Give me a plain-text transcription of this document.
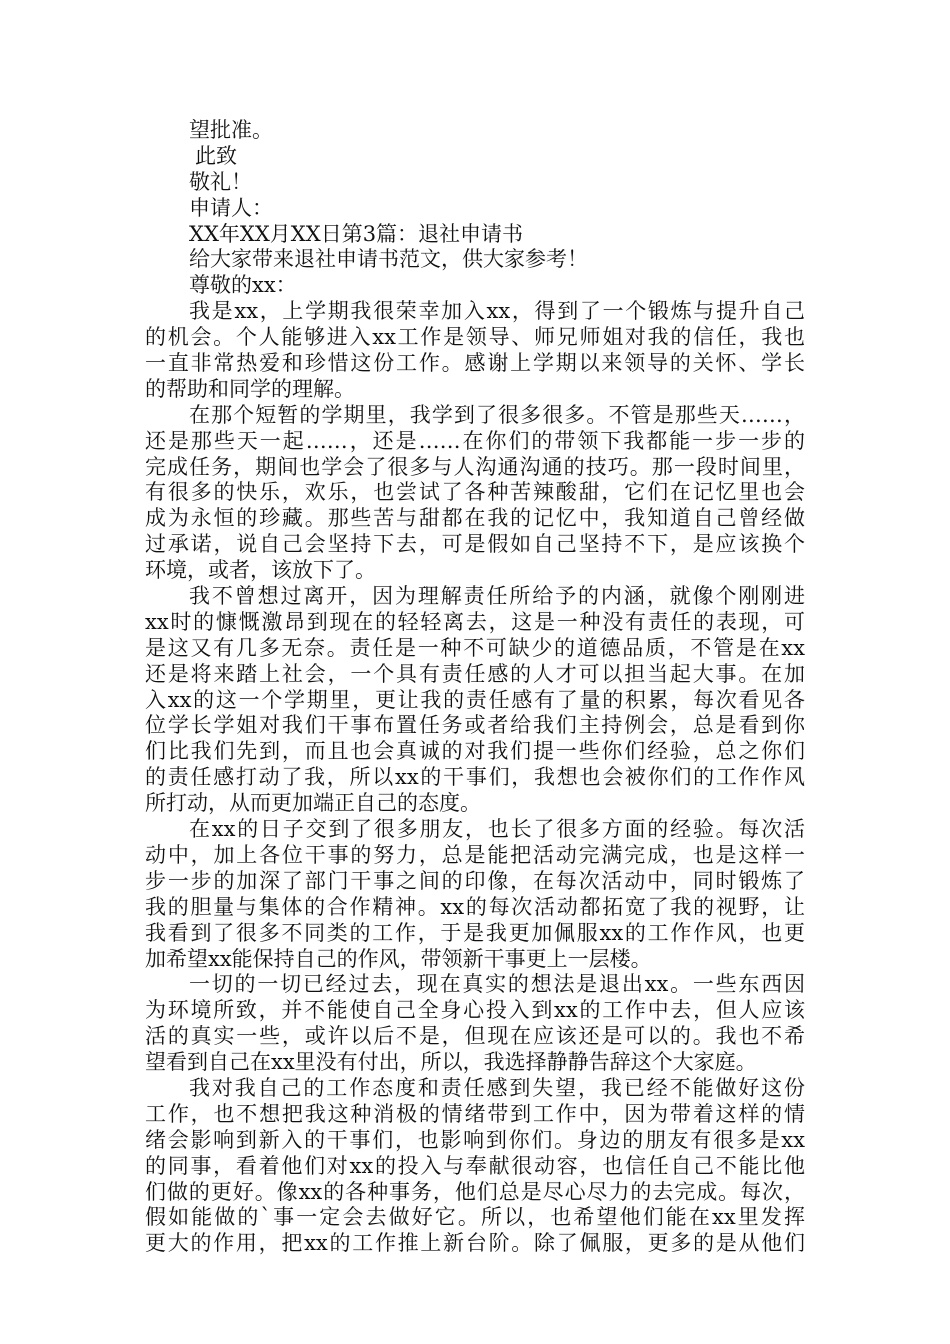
望批准。
此致
敬礼！
申请人：
XX年XX月XX日第3篇：退社申请书
给大家带来退社申请书范文，供大家参考！
尊敬的xx：
我是xx，上学期我很荣幸加入xx，得到了一个锻炼与提升自己
的机会。个人能够进入xx工作是领导、师兄师姐对我的信任，我也
一直非常热爱和珍惜这份工作。感谢上学期以来领导的关怀、学长
的帮助和同学的理解。
在那个短暂的学期里，我学到了很多很多。不管是那些天……，
还是那些天一起……，还是……在你们的带领下我都能一步一步的
完成任务，期间也学会了很多与人沟通沟通的技巧。那一段时间里，
有很多的快乐，欢乐，也尝试了各种苦辣酸甜，它们在记忆里也会
成为永恒的珍藏。那些苦与甜都在我的记忆中，我知道自己曾经做
过承诺，说自己会坚持下去，可是假如自己坚持不下，是应该换个
环境，或者，该放下了。
我不曾想过离开，因为理解责任所给予的内涵，就像个刚刚进
xx时的慷慨激昂到现在的轻轻离去，这是一种没有责任的表现，可
是这又有几多无奈。责任是一种不可缺少的道德品质，不管是在xx
还是将来踏上社会，一个具有责任感的人才可以担当起大事。在加
入xx的这一个学期里，更让我的责任感有了量的积累，每次看见各
位学长学姐对我们干事布置任务或者给我们主持例会，总是看到你
们比我们先到，而且也会真诚的对我们提一些你们经验，总之你们
的责任感打动了我，所以xx的干事们，我想也会被你们的工作作风
所打动，从而更加端正自己的态度。
在xx的日子交到了很多朋友，也长了很多方面的经验。每次活
动中，加上各位干事的努力，总是能把活动完满完成，也是这样一
步一步的加深了部门干事之间的印像，在每次活动中，同时锻炼了
我的胆量与集体的合作精神。xx的每次活动都拓宽了我的视野，让
我看到了很多不同类的工作，于是我更加佩服xx的工作作风，也更
加希望xx能保持自己的作风，带领新干事更上一层楼。
一切的一切已经过去，现在真实的想法是退出xx。一些东西因
为环境所致，并不能使自己全身心投入到xx的工作中去，但人应该
活的真实一些，或许以后不是，但现在应该还是可以的。我也不希
望看到自己在xx里没有付出，所以，我选择静静告辞这个大家庭。
我对我自己的工作态度和责任感到失望，我已经不能做好这份
工作，也不想把我这种消极的情绪带到工作中，因为带着这样的情
绪会影响到新入的干事们，也影响到你们。身边的朋友有很多是xx
的同事，看着他们对xx的投入与奉献很动容，也信任自己不能比他
们做的更好。像xx的各种事务，他们总是尽心尽力的去完成。每次，
假如能做的`事一定会去做好它。所以，也希望他们能在xx里发挥
更大的作用，把xx的工作推上新台阶。除了佩服，更多的是从他们
